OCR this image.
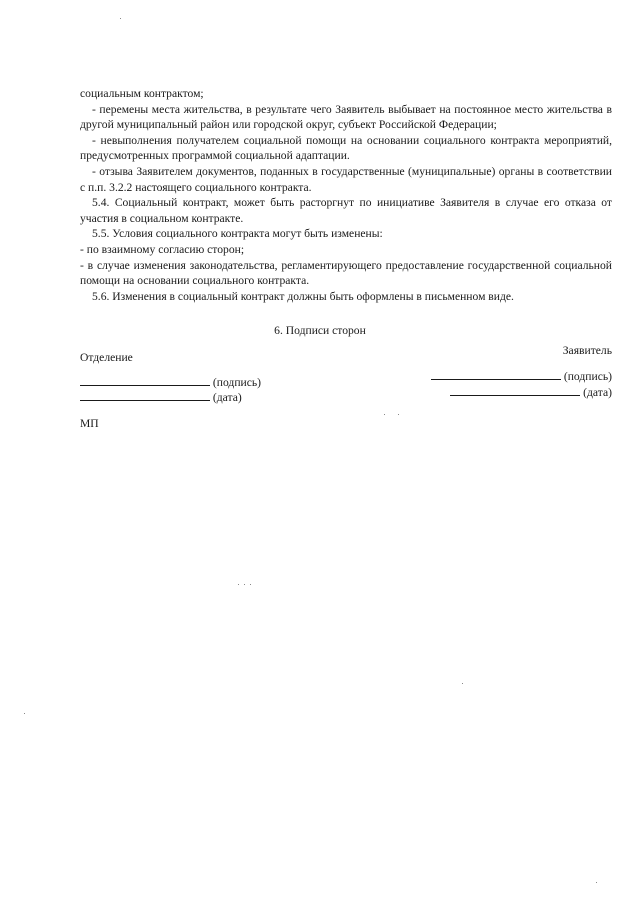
социальным контрактом;

- перемены места жительства, в результате чего Заявитель выбывает на постоянное место жительства в другой муниципальный район или городской округ, субъект Российской Федерации;

- невыполнения получателем социальной помощи на основании социального контракта мероприятий, предусмотренных программой социальной адаптации.

- отзыва Заявителем документов, поданных в государственные (муниципальные) органы в соответствии с п.п. 3.2.2 настоящего социального контракта.

5.4. Социальный контракт, может быть расторгнут по инициативе Заявителя в случае его отказа от участия в социальном контракте.

5.5. Условия социального контракта могут быть изменены:

- по взаимному согласию сторон;

- в случае изменения законодательства, регламентирующего предоставление государственной социальной помощи на основании социального контракта.

5.6. Изменения в социальный контракт должны быть оформлены в письменном виде.

6. Подписи сторон
Отделение
(подпись)
(дата)
Заявитель
(подпись)
(дата)
МП
